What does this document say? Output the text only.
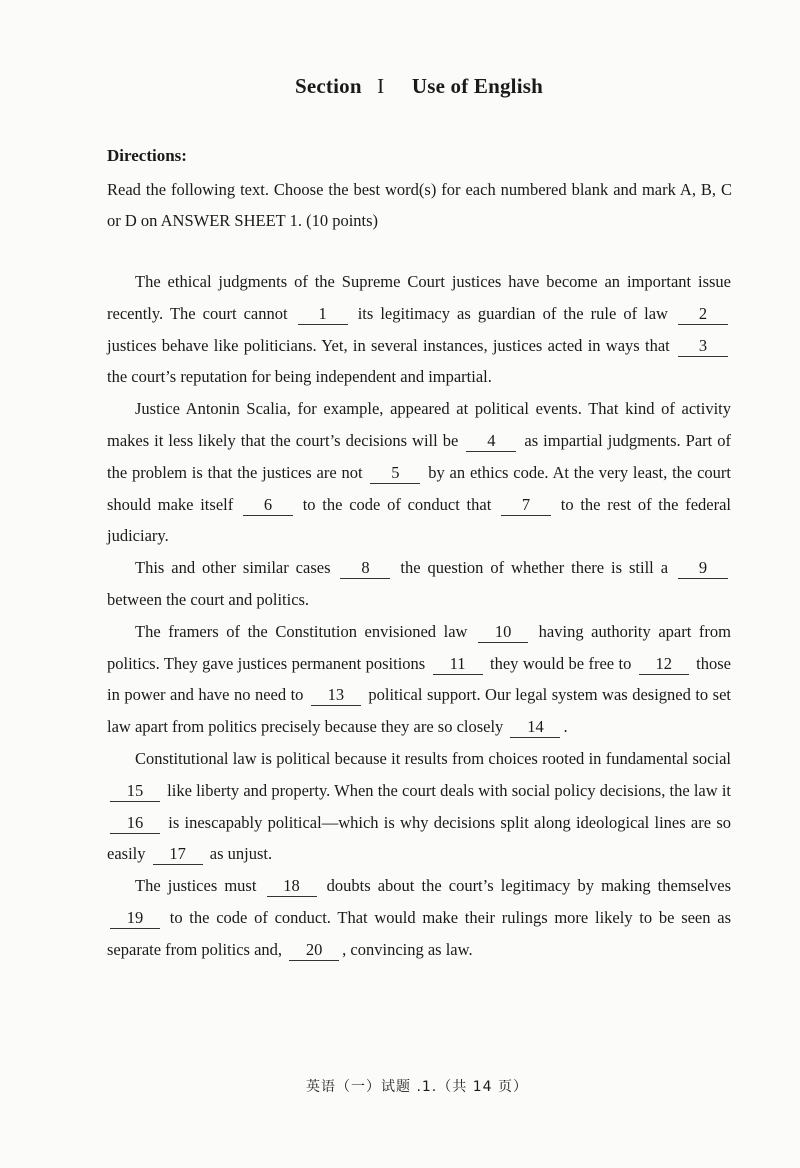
Section I Use of English
Directions:
Read the following text. Choose the best word(s) for each numbered blank and mark A, B, C or D on ANSWER SHEET 1. (10 points)

The ethical judgments of the Supreme Court justices have become an important issue recently. The court cannot 1 its legitimacy as guardian of the rule of law 2 justices behave like politicians. Yet, in several instances, justices acted in ways that 3 the court’s reputation for being independent and impartial.

Justice Antonin Scalia, for example, appeared at political events. That kind of activity makes it less likely that the court’s decisions will be 4 as impartial judgments. Part of the problem is that the justices are not 5 by an ethics code. At the very least, the court should make itself 6 to the code of conduct that 7 to the rest of the federal judiciary.

This and other similar cases 8 the question of whether there is still a 9 between the court and politics.

The framers of the Constitution envisioned law 10 having authority apart from politics. They gave justices permanent positions 11 they would be free to 12 those in power and have no need to 13 political support. Our legal system was designed to set law apart from politics precisely because they are so closely 14 .

Constitutional law is political because it results from choices rooted in fundamental social 15 like liberty and property. When the court deals with social policy decisions, the law it 16 is inescapably political—which is why decisions split along ideological lines are so easily 17 as unjust.

The justices must 18 doubts about the court’s legitimacy by making themselves 19 to the code of conduct. That would make their rulings more likely to be seen as separate from politics and, 20 , convincing as law.

英语（一）试题 .1.（共 14 页）
